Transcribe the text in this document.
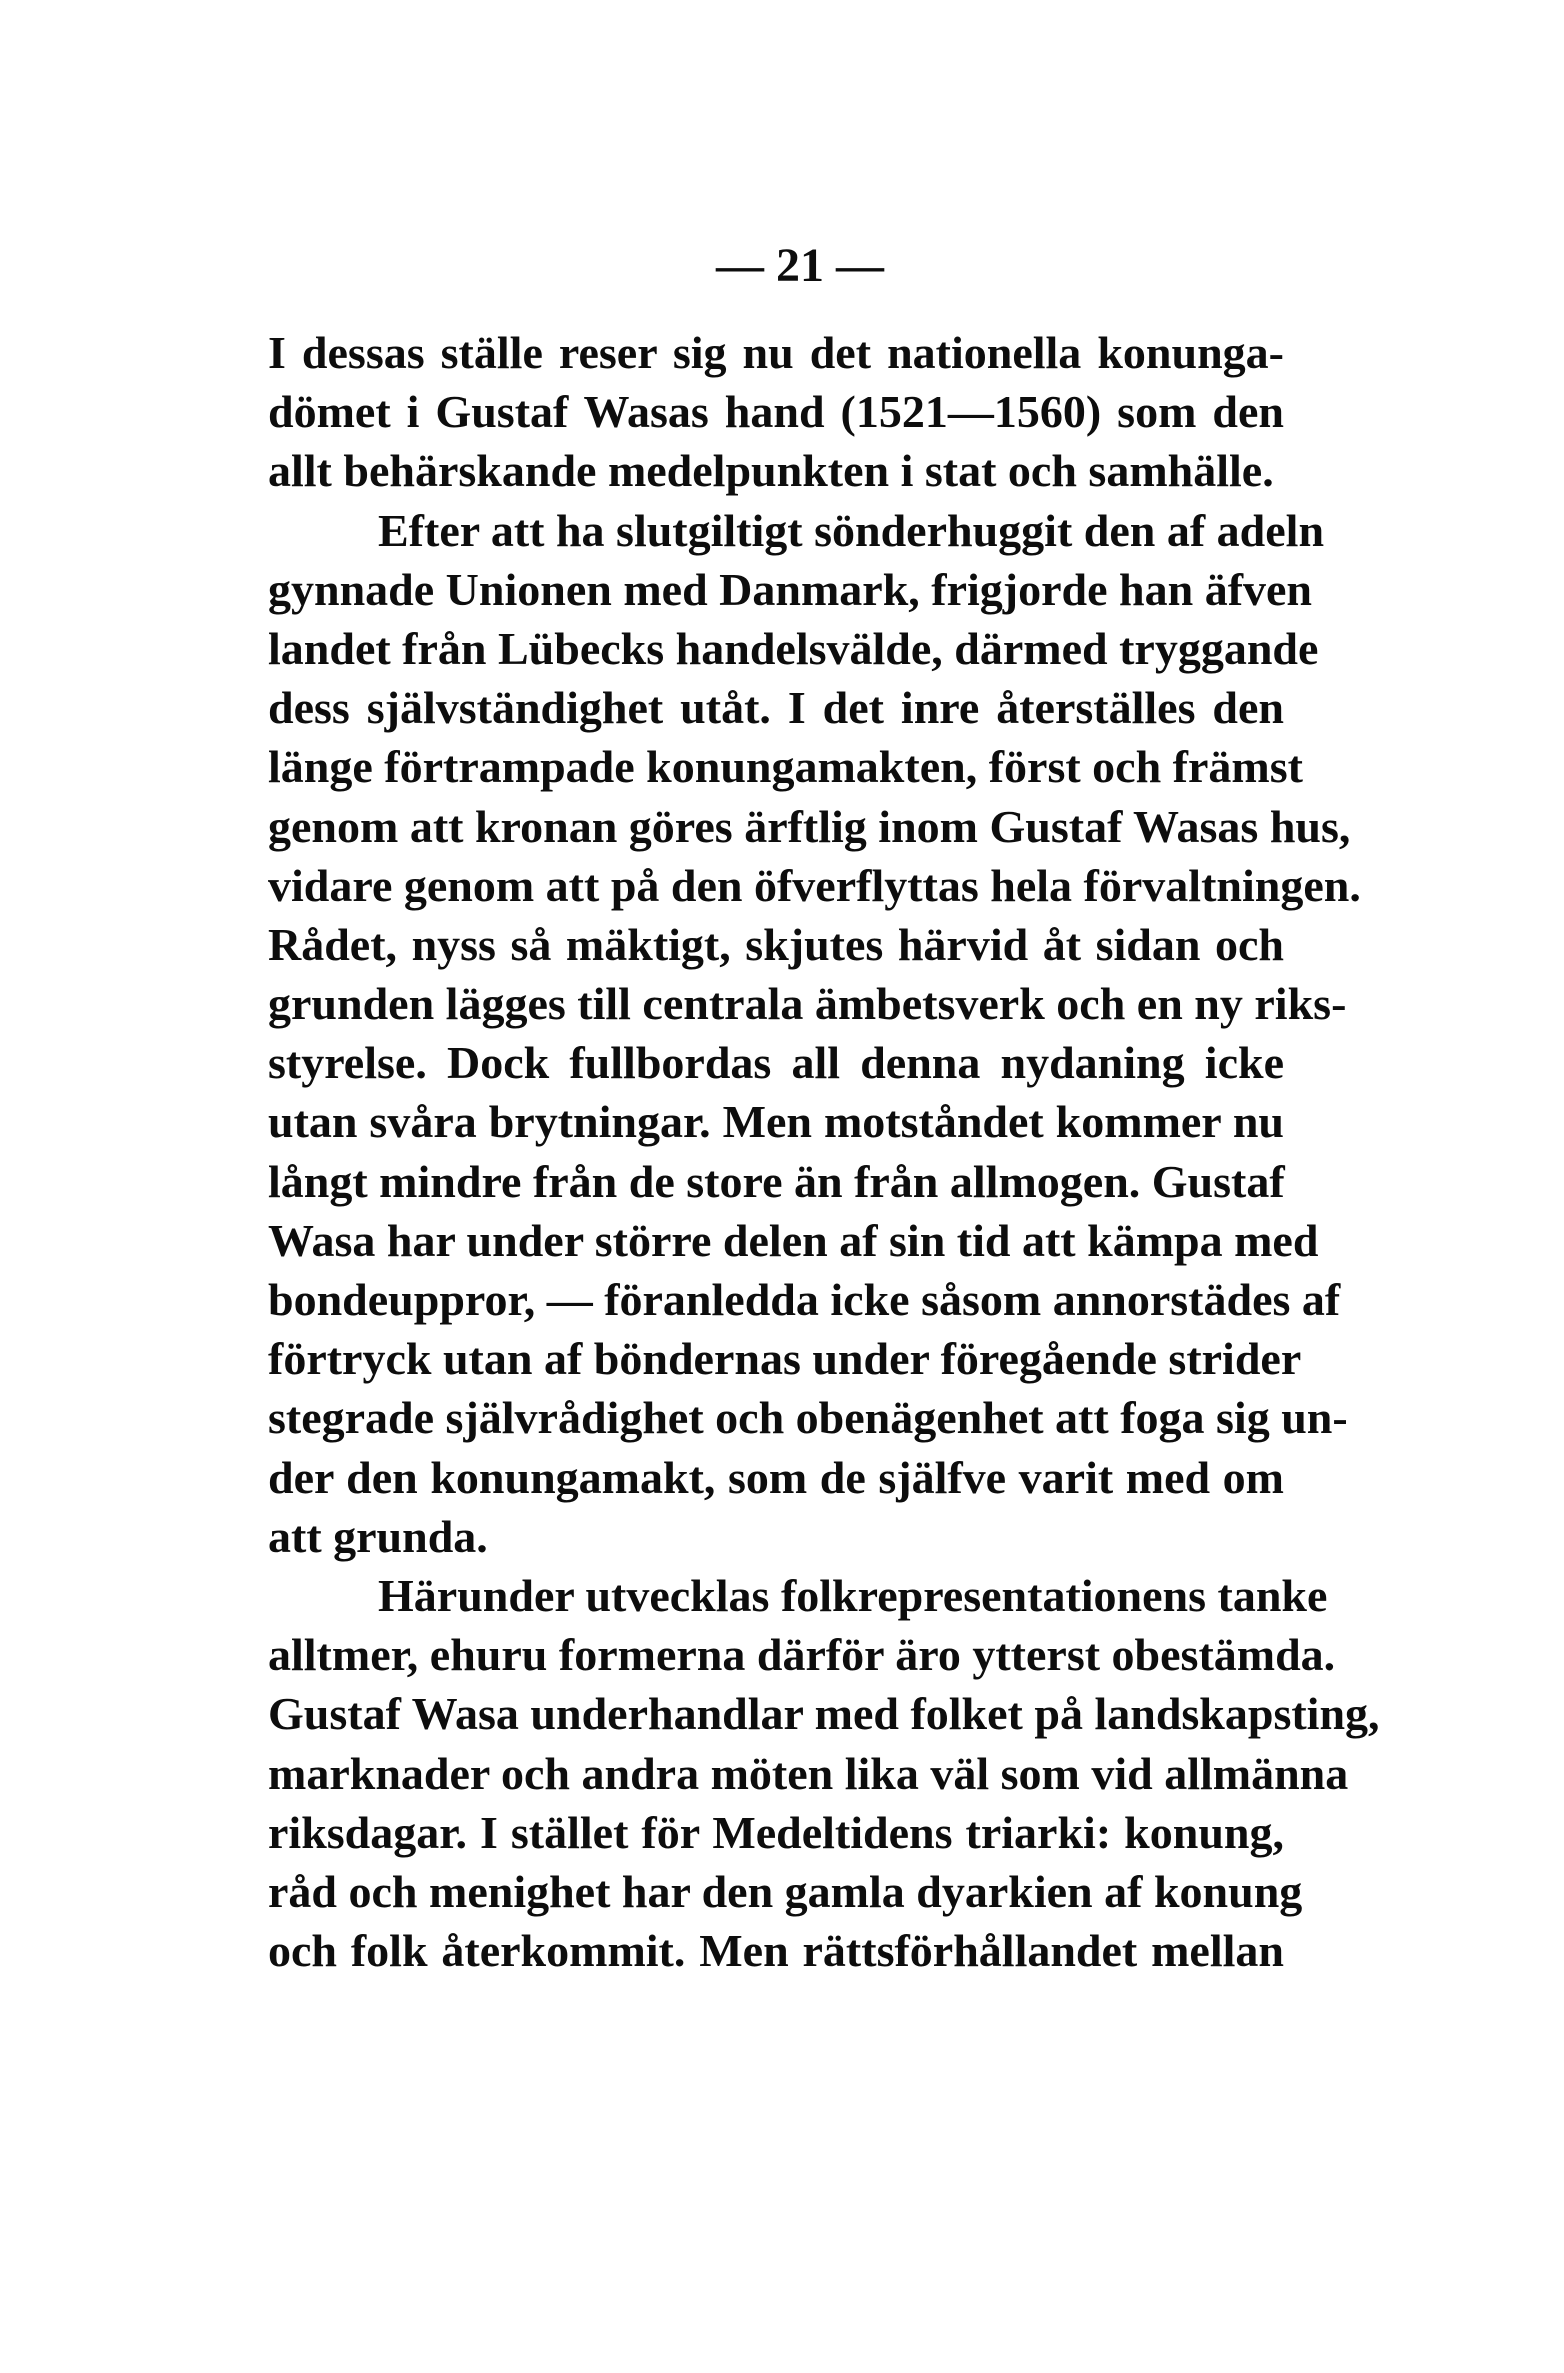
— 21 —
I dessas ställe reser sig nu det nationella konunga-
dömet i Gustaf Wasas hand (1521—1560) som den
allt behärskande medelpunkten i stat och samhälle.
Efter att ha slutgiltigt sönderhuggit den af adeln
gynnade Unionen med Danmark, frigjorde han äfven
landet från Lübecks handelsvälde, därmed tryggande
dess självständighet utåt. I det inre återställes den
länge förtrampade konungamakten, först och främst
genom att kronan göres ärftlig inom Gustaf Wasas hus,
vidare genom att på den öfverflyttas hela förvaltningen.
Rådet, nyss så mäktigt, skjutes härvid åt sidan och
grunden lägges till centrala ämbetsverk och en ny riks-
styrelse. Dock fullbordas all denna nydaning icke
utan svåra brytningar. Men motståndet kommer nu
långt mindre från de store än från allmogen. Gustaf
Wasa har under större delen af sin tid att kämpa med
bondeuppror, — föranledda icke såsom annorstädes af
förtryck utan af böndernas under föregående strider
stegrade självrådighet och obenägenhet att foga sig un-
der den konungamakt, som de själfve varit med om
att grunda.
Härunder utvecklas folkrepresentationens tanke
alltmer, ehuru formerna därför äro ytterst obestämda.
Gustaf Wasa underhandlar med folket på landskapsting,
marknader och andra möten lika väl som vid allmänna
riksdagar. I stället för Medeltidens triarki: konung,
råd och menighet har den gamla dyarkien af konung
och folk återkommit. Men rättsförhållandet mellan
